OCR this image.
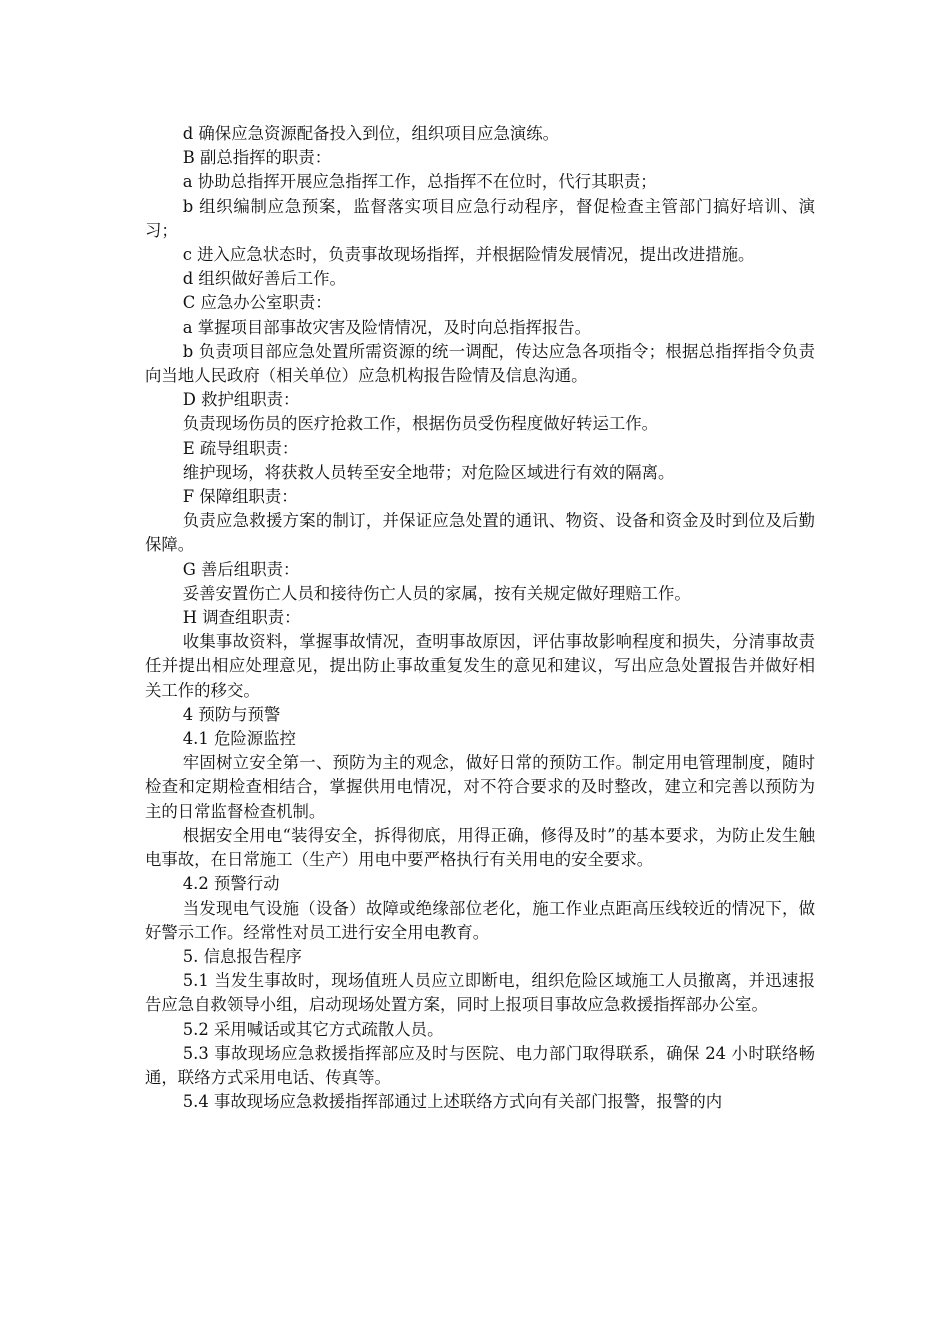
d 确保应急资源配备投入到位，组织项目应急演练。

B 副总指挥的职责：

a 协助总指挥开展应急指挥工作，总指挥不在位时，代行其职责；

b 组织编制应急预案，监督落实项目应急行动程序，督促检查主管部门搞好培训、演习；

c 进入应急状态时，负责事故现场指挥，并根据险情发展情况，提出改进措施。

d 组织做好善后工作。

C 应急办公室职责：

a 掌握项目部事故灾害及险情情况，及时向总指挥报告。

b 负责项目部应急处置所需资源的统一调配，传达应急各项指令；根据总指挥指令负责向当地人民政府（相关单位）应急机构报告险情及信息沟通。

D 救护组职责：

负责现场伤员的医疗抢救工作，根据伤员受伤程度做好转运工作。

E 疏导组职责：

维护现场，将获救人员转至安全地带；对危险区域进行有效的隔离。

F 保障组职责：

负责应急救援方案的制订，并保证应急处置的通讯、物资、设备和资金及时到位及后勤保障。

G 善后组职责：

妥善安置伤亡人员和接待伤亡人员的家属，按有关规定做好理赔工作。

H 调查组职责：

收集事故资料，掌握事故情况，查明事故原因，评估事故影响程度和损失，分清事故责任并提出相应处理意见，提出防止事故重复发生的意见和建议，写出应急处置报告并做好相关工作的移交。

4 预防与预警

4.1 危险源监控

牢固树立安全第一、预防为主的观念，做好日常的预防工作。制定用电管理制度，随时检查和定期检查相结合，掌握供用电情况，对不符合要求的及时整改，建立和完善以预防为主的日常监督检查机制。

根据安全用电“装得安全，拆得彻底，用得正确，修得及时”的基本要求，为防止发生触电事故，在日常施工（生产）用电中要严格执行有关用电的安全要求。

4.2 预警行动

当发现电气设施（设备）故障或绝缘部位老化，施工作业点距高压线较近的情况下，做好警示工作。经常性对员工进行安全用电教育。

5. 信息报告程序

5.1 当发生事故时，现场值班人员应立即断电，组织危险区域施工人员撤离，并迅速报告应急自救领导小组，启动现场处置方案，同时上报项目事故应急救援指挥部办公室。

5.2 采用喊话或其它方式疏散人员。

5.3 事故现场应急救援指挥部应及时与医院、电力部门取得联系，确保 24 小时联络畅通，联络方式采用电话、传真等。

5.4 事故现场应急救援指挥部通过上述联络方式向有关部门报警，报警的内
